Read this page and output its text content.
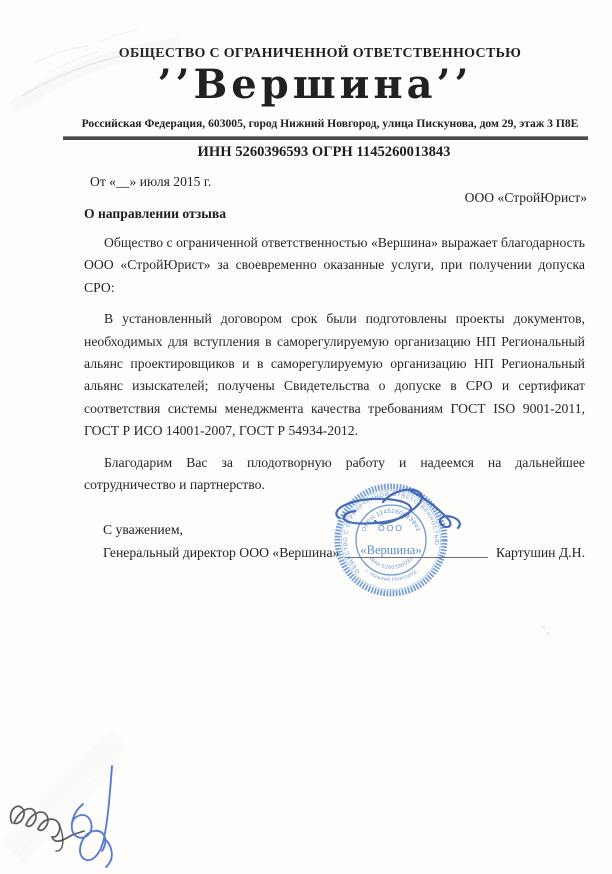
ОБЩЕСТВО С ОГРАНИЧЕННОЙ ОТВЕТСТВЕННОСТЬЮ
’’Вершина’’
Российская Федерация, 603005, город Нижний Новгород, улица Пискунова, дом 29, этаж 3 П8Е
ИНН 5260396593 ОГРН 1145260013843
От «__» июля 2015 г.
ООО «СтройЮрист»
О направлении отзыва

Общество с ограниченной ответственностью «Вершина» выражает благодарность ООО «СтройЮрист» за своевременно оказанные услуги, при получении допуска СРО:

В установленный договором срок были подготовлены проекты документов, необходимых для вступления в саморегулируемую организацию НП Региональный альянс проектировщиков и в саморегулируемую организацию НП Региональный альянс изыскателей; получены Свидетельства о допуске в СРО и сертификат соответствия системы менеджмента качества требованиям ГОСТ ISO 9001-2011, ГОСТ Р ИСО 14001-2007, ГОСТ Р 54934-2012.

Благодарим Вас за плодотворную работу и надеемся на дальнейшее сотрудничество и партнерство.

С уважением,
Генеральный директор ООО «Вершина»	Картушин Д.Н.
ОБЩЕСТВО С ОГРАНИЧЕННОЙ ОТВЕТСТВЕННОСТЬЮ
ОГРН 1145260013843
ООО
«Вершина»
ИНН 5260396593
г. Нижний Новгород
